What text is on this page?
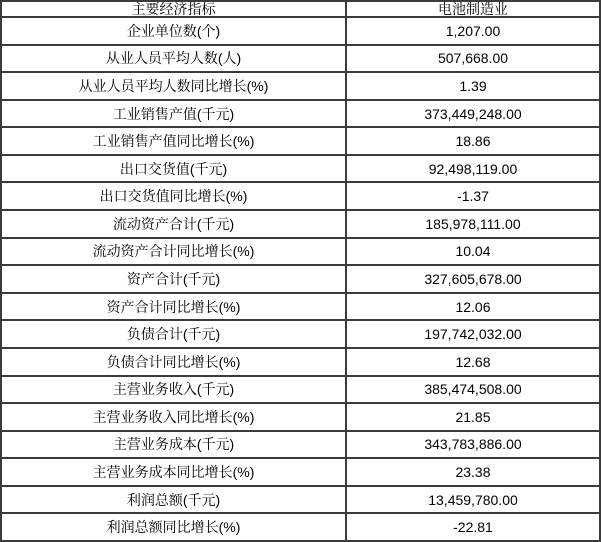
主要经济指标	电池制造业
企业单位数(个)	1,207.00
从业人员平均人数(人)	507,668.00
从业人员平均人数同比增长(%)	1.39
工业销售产值(千元)	373,449,248.00
工业销售产值同比增长(%)	18.86
出口交货值(千元)	92,498,119.00
出口交货值同比增长(%)	-1.37
流动资产合计(千元)	185,978,111.00
流动资产合计同比增长(%)	10.04
资产合计(千元)	327,605,678.00
资产合计同比增长(%)	12.06
负债合计(千元)	197,742,032.00
负债合计同比增长(%)	12.68
主营业务收入(千元)	385,474,508.00
主营业务收入同比增长(%)	21.85
主营业务成本(千元)	343,783,886.00
主营业务成本同比增长(%)	23.38
利润总额(千元)	13,459,780.00
利润总额同比增长(%)	-22.81
